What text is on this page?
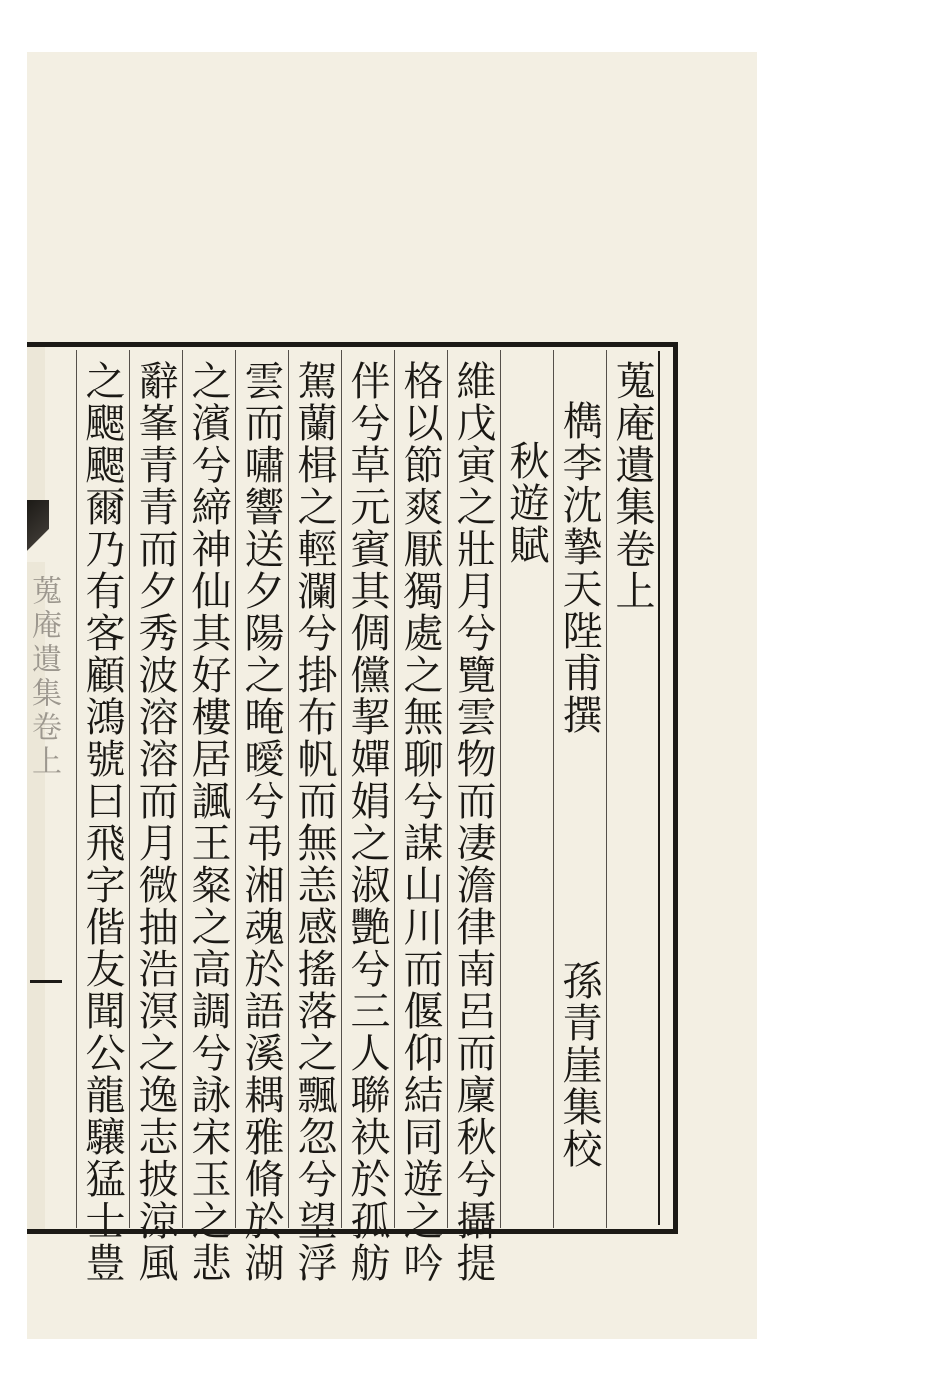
蒐庵遺集卷上
蒐庵遺集卷上
檇李沈摯天陛甫撰
孫青崖集校
秋遊賦
維戊寅之壯月兮覽雲物而凄澹律南呂而廩秋兮攝提
格以節爽厭獨處之無聊兮謀山川而偃仰結同遊之吟
伴兮草元賓其倜儻挈嬋娟之淑艷兮三人聯袂於孤舫
駕蘭楫之輕瀾兮掛布帆而無恙感搖落之飄忽兮望浮
雲而嘯響送夕陽之晻曖兮弔湘魂於語溪耦雅脩於湖
之濱兮締神仙其好樓居諷王粲之高調兮詠宋玉之悲
辭峯青青而夕秀波溶溶而月微抽浩溟之逸志披涼風
之颸颸爾乃有客顧鴻號曰飛字偕友聞公龍驤猛士豊
